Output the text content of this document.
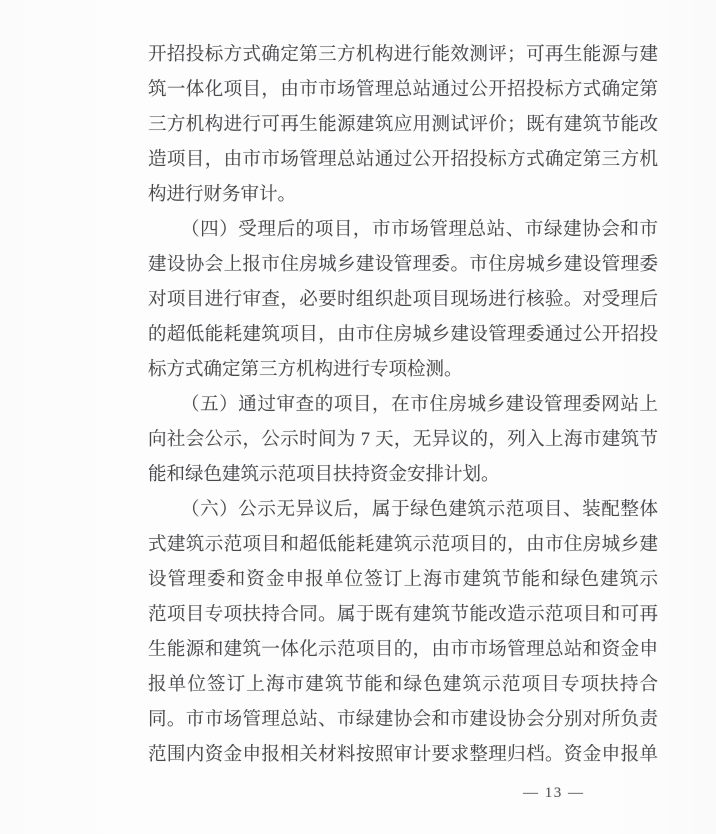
开招投标方式确定第三方机构进行能效测评；可再生能源与建
筑一体化项目，由市市场管理总站通过公开招投标方式确定第
三方机构进行可再生能源建筑应用测试评价；既有建筑节能改
造项目，由市市场管理总站通过公开招投标方式确定第三方机
构进行财务审计。
（四）受理后的项目，市市场管理总站、市绿建协会和市
建设协会上报市住房城乡建设管理委。市住房城乡建设管理委
对项目进行审查，必要时组织赴项目现场进行核验。对受理后
的超低能耗建筑项目，由市住房城乡建设管理委通过公开招投
标方式确定第三方机构进行专项检测。
（五）通过审查的项目，在市住房城乡建设管理委网站上
向社会公示，公示时间为 7 天，无异议的，列入上海市建筑节
能和绿色建筑示范项目扶持资金安排计划。
（六）公示无异议后，属于绿色建筑示范项目、装配整体
式建筑示范项目和超低能耗建筑示范项目的，由市住房城乡建
设管理委和资金申报单位签订上海市建筑节能和绿色建筑示
范项目专项扶持合同。属于既有建筑节能改造示范项目和可再
生能源和建筑一体化示范项目的，由市市场管理总站和资金申
报单位签订上海市建筑节能和绿色建筑示范项目专项扶持合
同。市市场管理总站、市绿建协会和市建设协会分别对所负责
范围内资金申报相关材料按照审计要求整理归档。资金申报单
— 13 —
